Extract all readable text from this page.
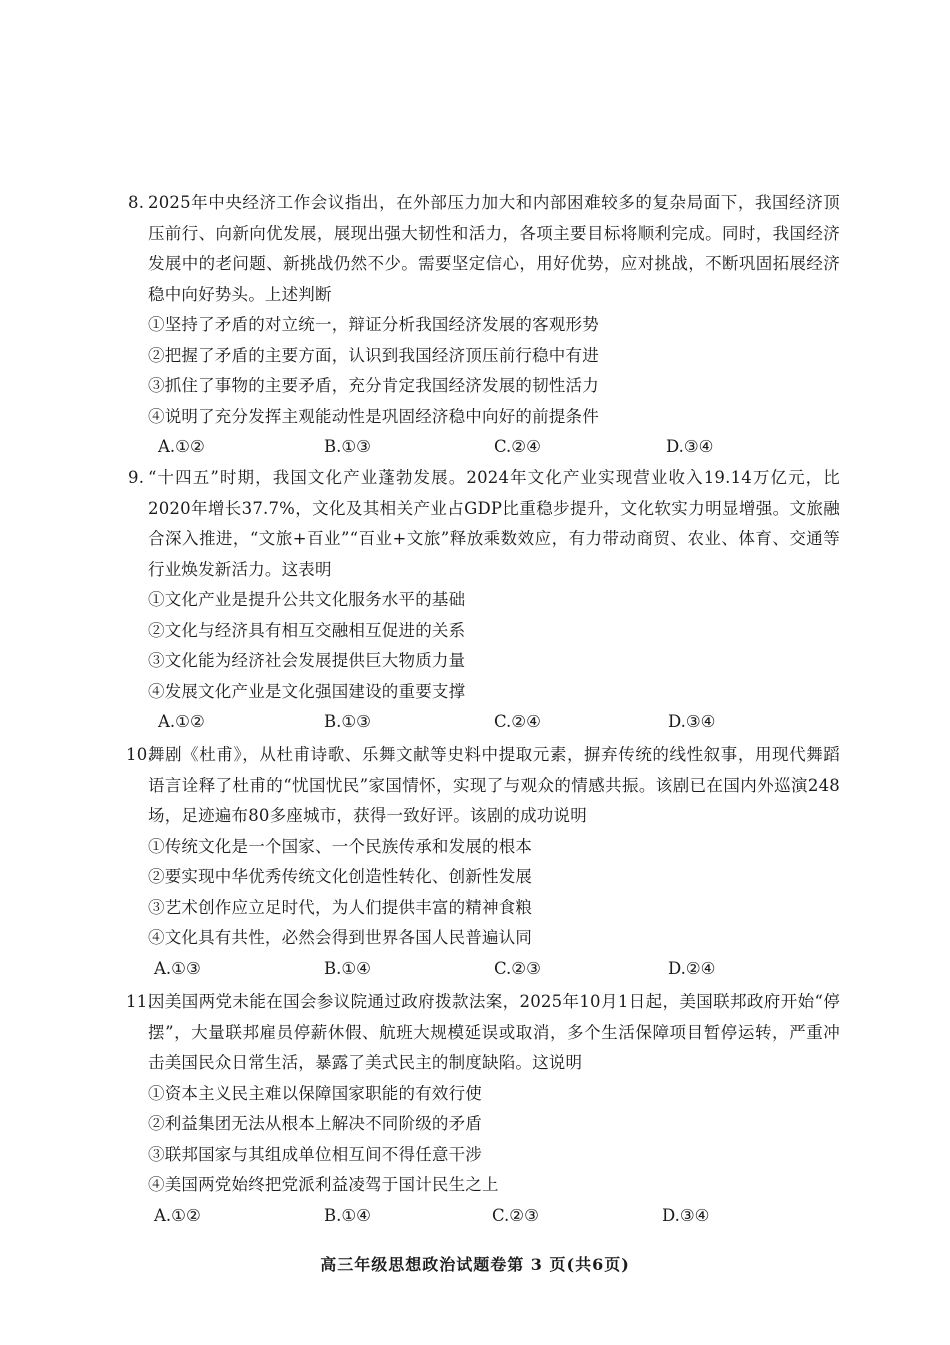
8. 2025年中央经济工作会议指出，在外部压力加大和内部困难较多的复杂局面下，我国经济顶压前行、向新向优发展，展现出强大韧性和活力，各项主要目标将顺利完成。同时，我国经济发展中的老问题、新挑战仍然不少。需要坚定信心，用好优势，应对挑战，不断巩固拓展经济稳中向好势头。上述判断
①坚持了矛盾的对立统一，辩证分析我国经济发展的客观形势
②把握了矛盾的主要方面，认识到我国经济顶压前行稳中有进
③抓住了事物的主要矛盾，充分肯定我国经济发展的韧性活力
④说明了充分发挥主观能动性是巩固经济稳中向好的前提条件
A.①②	B.①③	C.②④	D.③④
9. “十四五”时期，我国文化产业蓬勃发展。2024年文化产业实现营业收入19.14万亿元，比2020年增长37.7%，文化及其相关产业占GDP比重稳步提升，文化软实力明显增强。文旅融合深入推进，“文旅+百业”“百业+文旅”释放乘数效应，有力带动商贸、农业、体育、交通等行业焕发新活力。这表明
①文化产业是提升公共文化服务水平的基础
②文化与经济具有相互交融相互促进的关系
③文化能为经济社会发展提供巨大物质力量
④发展文化产业是文化强国建设的重要支撑
A.①②	B.①③	C.②④	D.③④
10.
舞剧《杜甫》，从杜甫诗歌、乐舞文献等史料中提取元素，摒弃传统的线性叙事，用现代舞蹈语言诠释了杜甫的“忧国忧民”家国情怀，实现了与观众的情感共振。该剧已在国内外巡演248场，足迹遍布80多座城市，获得一致好评。该剧的成功说明
①传统文化是一个国家、一个民族传承和发展的根本
②要实现中华优秀传统文化创造性转化、创新性发展
③艺术创作应立足时代，为人们提供丰富的精神食粮
④文化具有共性，必然会得到世界各国人民普遍认同
A.①③	B.①④	C.②③	D.②④
11.
因美国两党未能在国会参议院通过政府拨款法案，2025年10月1日起，美国联邦政府开始“停摆”，大量联邦雇员停薪休假、航班大规模延误或取消，多个生活保障项目暂停运转，严重冲击美国民众日常生活，暴露了美式民主的制度缺陷。这说明
①资本主义民主难以保障国家职能的有效行使
②利益集团无法从根本上解决不同阶级的矛盾
③联邦国家与其组成单位相互间不得任意干涉
④美国两党始终把党派利益凌驾于国计民生之上
A.①②	B.①④	C.②③	D.③④
高三年级思想政治试题卷第 3 页(共6页)
